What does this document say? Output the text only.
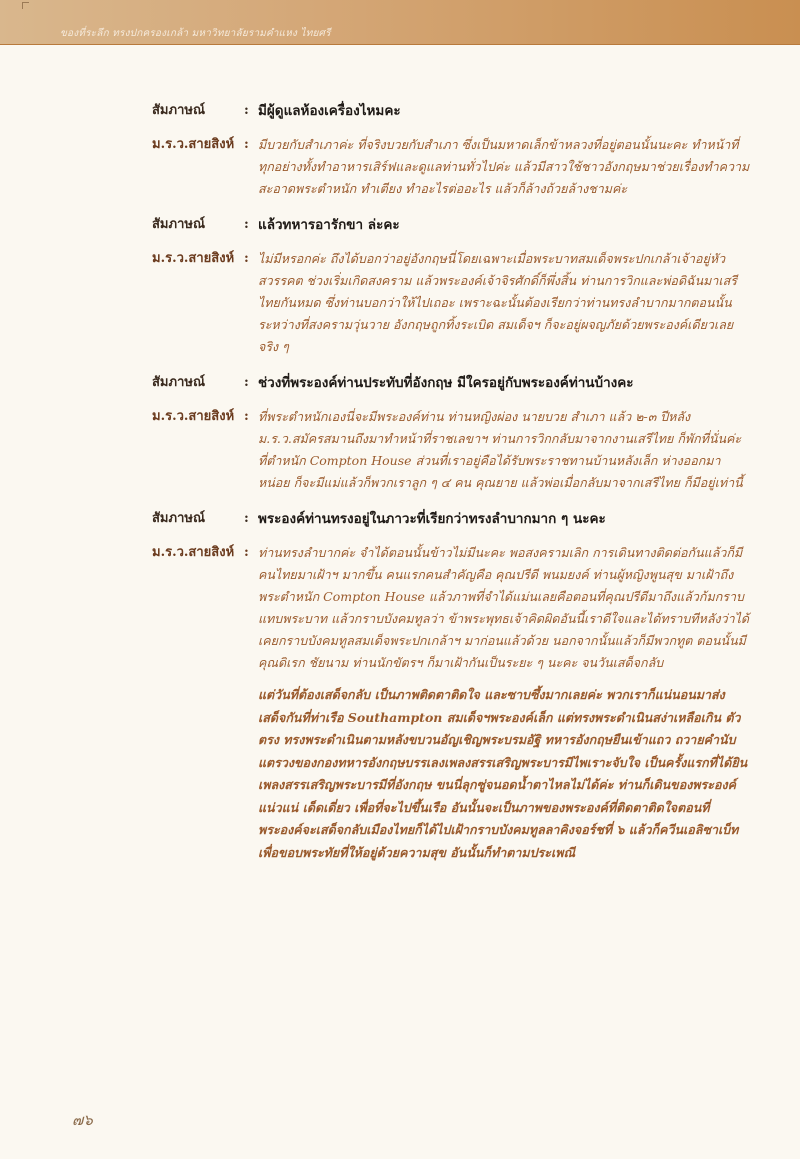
ของที่ระลึก ทรงปกครองเกล้า มหาวิทยาลัยรามคำแหง ไทยศรี
สัมภาษณ์	: มีผู้ดูแลห้องเครื่องไหมคะ
ม.ร.ว.สายสิงห์ : มีบวยกับสำเภาค่ะ ที่จริงบวยกับสำเภา ซึ่งเป็นมหาดเล็กข้าหลวงที่อยู่ตอนนั้นนะคะ ทำหน้าที่ทุกอย่างทั้งทำอาหารเสิร์ฟและดูแลท่านทั่วไปค่ะ แล้วมีสาวใช้ชาวอังกฤษมาช่วยเรื่องทำความสะอาดพระตำหนัก ทำเตียง ทำอะไรต่ออะไร แล้วก็ล้างถ้วยล้างชามค่ะ
สัมภาษณ์	: แล้วทหารอารักขา ล่ะคะ
ม.ร.ว.สายสิงห์ : ไม่มีหรอกค่ะ ถึงได้บอกว่าอยู่อังกฤษนี่โดยเฉพาะเมื่อพระบาทสมเด็จพระปกเกล้าเจ้าอยู่หัวสวรรคต ช่วงเริ่มเกิดสงคราม แล้วพระองค์เจ้าจิรศักดิ์ก็พึ่งสิ้น ท่านการวิกและพ่อดิฉันมาเสรีไทยกันหมด ซึ่งท่านบอกว่าให้ไปเถอะ เพราะฉะนั้นต้องเรียกว่าท่านทรงลำบากมากตอนนั้น ระหว่างที่สงครามวุ่นวาย อังกฤษถูกทิ้งระเบิด สมเด็จฯ ก็จะอยู่ผจญภัยด้วยพระองค์เดียวเลยจริง ๆ
สัมภาษณ์	: ช่วงที่พระองค์ท่านประทับที่อังกฤษ มีใครอยู่กับพระองค์ท่านบ้างคะ
ม.ร.ว.สายสิงห์ : ที่พระตำหนักเองนี่จะมีพระองค์ท่าน ท่านหญิงผ่อง นายบวย สำเภา แล้ว ๒-๓ ปีหลัง ม.ร.ว.สมัครสมานถึงมาทำหน้าที่ราชเลขาฯ ท่านการวิกกลับมาจากงานเสรีไทย ก็พักที่นั่นค่ะ ที่ตำหนัก Compton House ส่วนที่เราอยู่คือได้รับพระราชทานบ้านหลังเล็ก ห่างออกมาหน่อย ก็จะมีแม่แล้วก็พวกเราลูก ๆ ๔ คน คุณยาย แล้วพ่อเมื่อกลับมาจากเสรีไทย ก็มีอยู่เท่านี้
สัมภาษณ์	: พระองค์ท่านทรงอยู่ในภาวะที่เรียกว่าทรงลำบากมาก ๆ นะคะ
ม.ร.ว.สายสิงห์ : ท่านทรงลำบากค่ะ จำได้ตอนนั้นข้าวไม่มีนะคะ พอสงครามเลิก การเดินทางติดต่อกันแล้วก็มีคนไทยมาเฝ้าฯ มากขึ้น คนแรกคนสำคัญคือ คุณปรีดี พนมยงค์ ท่านผู้หญิงพูนสุข มาเฝ้าถึงพระตำหนัก Compton House แล้วภาพที่จำได้แม่นเลยคือตอนที่คุณปรีดีมาถึงแล้วก้มกราบแทบพระบาท แล้วกราบบังคมทูลว่า ข้าพระพุทธเจ้าคิดผิดอันนี้เราดีใจและได้ทราบทีหลังว่าได้เคยกราบบังคมทูลสมเด็จพระปกเกล้าฯ มาก่อนแล้วด้วย นอกจากนั้นแล้วก็มีพวกทูต ตอนนั้นมีคุณดิเรก ชัยนาม ท่านนักขัตรฯ ก็มาเฝ้ากันเป็นระยะ ๆ นะคะ จนวันเสด็จกลับ
แต่วันที่ต้องเสด็จกลับ เป็นภาพติดตาติดใจ และซาบซึ้งมากเลยค่ะ พวกเราก็แน่นอนมาส่งเสด็จกันที่ท่าเรือ Southampton สมเด็จฯพระองค์เล็ก แต่ทรงพระดำเนินสง่าเหลือเกิน ตัวตรง ทรงพระดำเนินตามหลังขบวนอัญเชิญพระบรมอัฐิ ทหารอังกฤษยืนเข้าแถว ถวายคำนับ แตรวงของกองทหารอังกฤษบรรเลงเพลงสรรเสริญพระบารมีไพเราะจับใจ เป็นครั้งแรกที่ได้ยินเพลงสรรเสริญพระบารมีที่อังกฤษ ขนนี่ลุกซู่จนอดน้ำตาไหลไม่ได้ค่ะ ท่านก็เดินของพระองค์แน่วแน่ เด็ดเดี่ยว เพื่อที่จะไปขึ้นเรือ อันนั้นจะเป็นภาพของพระองค์ที่ติดตาติดใจตอนที่พระองค์จะเสด็จกลับเมืองไทยก็ได้ไปเฝ้ากราบบังคมทูลลาคิงจอร์ชที่ ๖ แล้วก็ควีนเอลิซาเบ็ท เพื่อขอบพระทัยที่ให้อยู่ด้วยความสุข อันนั้นก็ทำตามประเพณี
๗๖
